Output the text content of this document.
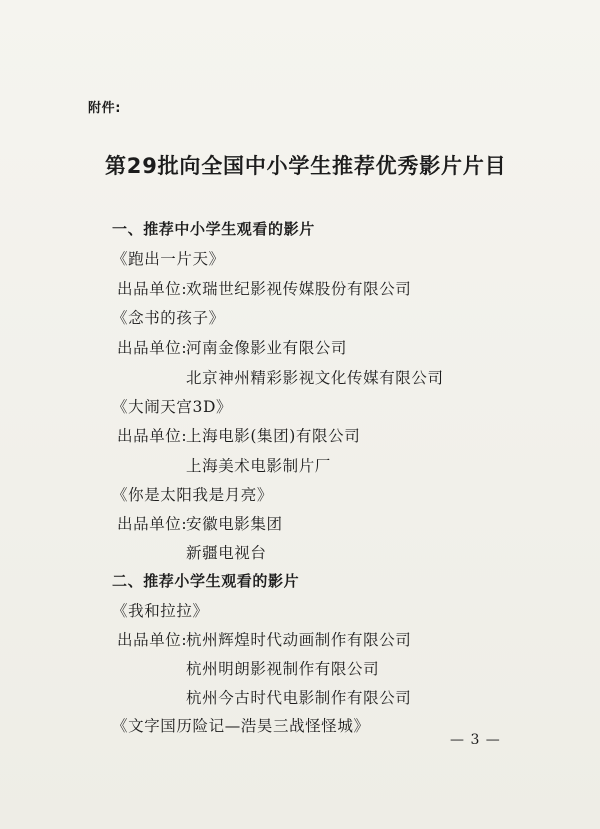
附件:
第29批向全国中小学生推荐优秀影片片目
一、推荐中小学生观看的影片
《跑出一片天》
出品单位:
欢瑞世纪影视传媒股份有限公司
《念书的孩子》
出品单位:
河南金像影业有限公司
北京神州精彩影视文化传媒有限公司
《大闹天宫3D》
出品单位:
上海电影(集团)有限公司
上海美术电影制片厂
《你是太阳我是月亮》
出品单位:
安徽电影集团
新疆电视台
二、推荐小学生观看的影片
《我和拉拉》
出品单位:
杭州辉煌时代动画制作有限公司
杭州明朗影视制作有限公司
杭州今古时代电影制作有限公司
《文字国历险记—浩昊三战怪怪城》
— 3 —
